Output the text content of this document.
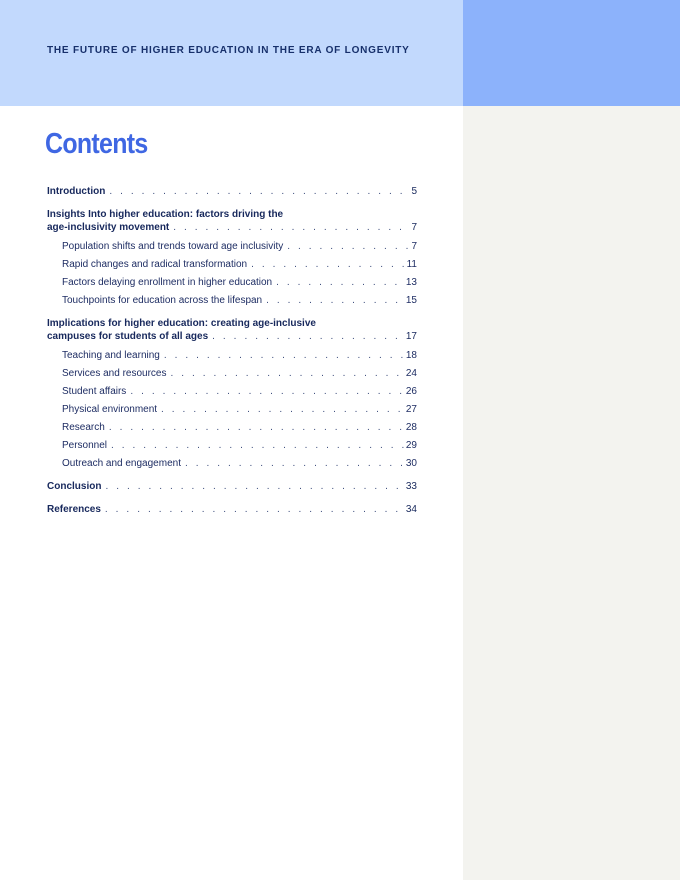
THE FUTURE OF HIGHER EDUCATION IN THE ERA OF LONGEVITY
Contents
Introduction . . .	5
Insights Into higher education: factors driving the
age-inclusivity movement . . .	7
Population shifts and trends toward age inclusivity . . .	7
Rapid changes and radical transformation . . .	11
Factors delaying enrollment in higher education . . .	13
Touchpoints for education across the lifespan . . .	15
Implications for higher education: creating age-inclusive
campuses for students of all ages . . .	17
Teaching and learning . . .	18
Services and resources . . .	24
Student affairs . . .	26
Physical environment . . .	27
Research . . .	28
Personnel . . .	29
Outreach and engagement . . .	30
Conclusion . . .	33
References . . .	34
